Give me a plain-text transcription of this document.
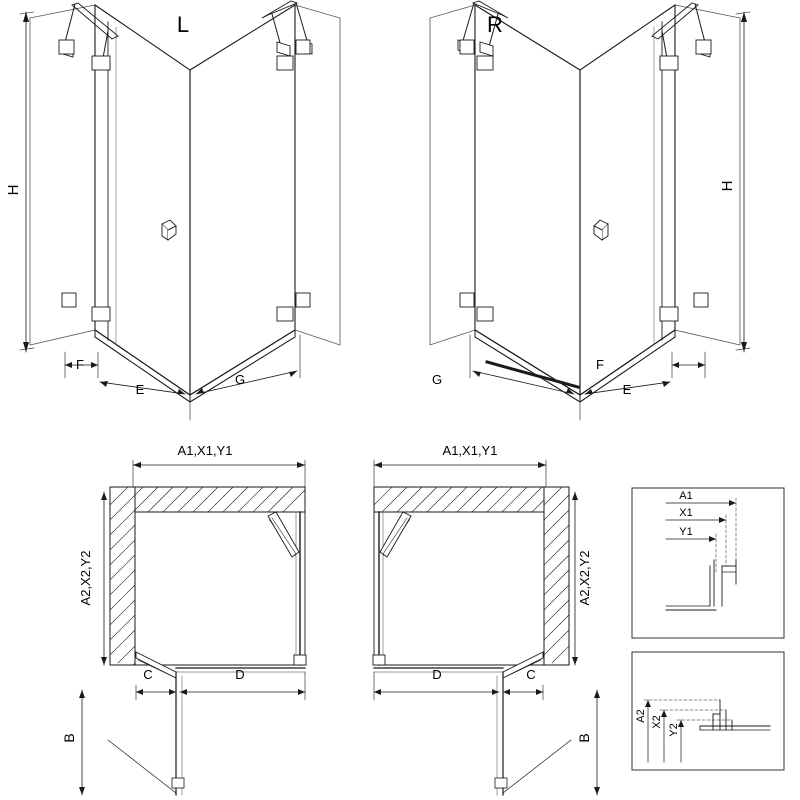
L	R
H	H
F
E
G
F
E
G
A1,X1,Y1	A1,X1,Y1
A2,X2,Y2	A2,X2,Y2
C	D	D	C
B	B
A1
X1
Y1
A2 X2
Y2
